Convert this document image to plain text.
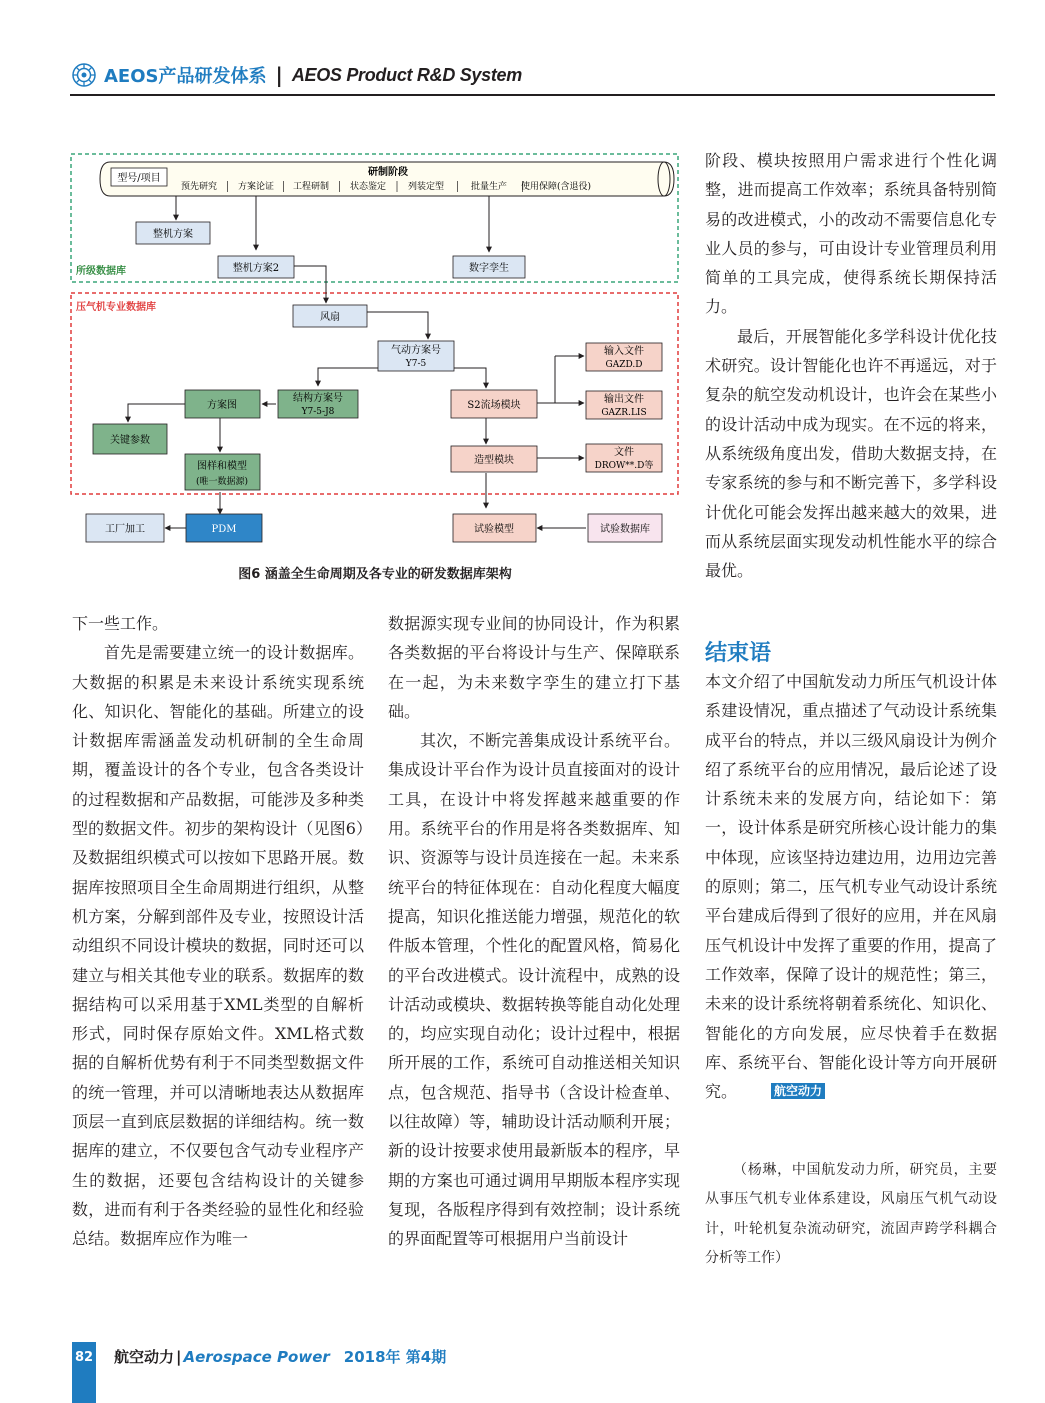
AEOS产品研发体系 | AEOS Product R&D System
所级数据库
压气机专业数据库
型号/项目
研制阶段
预先研究 方案论证 工程研制 状态鉴定 列装定型	批量生产 使用保障(含退役)
整机方案
整机方案2	数字孪生
风扇
气动方案号
Y7-5
输入文件
GAZD.D
输出文件
GAZR.LIS
S2流场模块
结构方案号
Y7-5-J8
方案图
关键参数
文件
DROW**.D等
造型模块
图样和模型
(唯一数据源)
工厂加工	PDM	试验模型	试验数据库
图6 涵盖全生命周期及各专业的研发数据库架构

下一些工作。

首先是需要建立统一的设计数据库。大数据的积累是未来设计系统实现系统化、知识化、智能化的基础。所建立的设计数据库需涵盖发动机研制的全生命周期，覆盖设计的各个专业，包含各类设计的过程数据和产品数据，可能涉及多种类型的数据文件。初步的架构设计（见图6）及数据组织模式可以按如下思路开展。数据库按照项目全生命周期进行组织，从整机方案，分解到部件及专业，按照设计活动组织不同设计模块的数据，同时还可以建立与相关其他专业的联系。数据库的数据结构可以采用基于XML类型的自解析形式，同时保存原始文件。XML格式数据的自解析优势有利于不同类型数据文件的统一管理，并可以清晰地表达从数据库顶层一直到底层数据的详细结构。统一数据库的建立，不仅要包含气动专业程序产生的数据，还要包含结构设计的关键参数，进而有利于各类经验的显性化和经验总结。数据库应作为唯一

数据源实现专业间的协同设计，作为积累各类数据的平台将设计与生产、保障联系在一起，为未来数字孪生的建立打下基础。

其次，不断完善集成设计系统平台。集成设计平台作为设计员直接面对的设计工具，在设计中将发挥越来越重要的作用。系统平台的作用是将各类数据库、知识、资源等与设计员连接在一起。未来系统平台的特征体现在：自动化程度大幅度提高，知识化推送能力增强，规范化的软件版本管理，个性化的配置风格，简易化的平台改进模式。设计流程中，成熟的设计活动或模块、数据转换等能自动化处理的，均应实现自动化；设计过程中，根据所开展的工作，系统可自动推送相关知识点，包含规范、指导书（含设计检查单、以往故障）等，辅助设计活动顺利开展；新的设计按要求使用最新版本的程序，早期的方案也可通过调用早期版本程序实现复现，各版程序得到有效控制；设计系统的界面配置等可根据用户当前设计

阶段、模块按照用户需求进行个性化调整，进而提高工作效率；系统具备特别简易的改进模式，小的改动不需要信息化专业人员的参与，可由设计专业管理员利用简单的工具完成，使得系统长期保持活力。

最后，开展智能化多学科设计优化技术研究。设计智能化也许不再遥远，对于复杂的航空发动机设计，也许会在某些小的设计活动中成为现实。在不远的将来，从系统级角度出发，借助大数据支持，在专家系统的参与和不断完善下，多学科设计优化可能会发挥出越来越大的效果，进而从系统层面实现发动机性能水平的综合最优。

结束语

本文介绍了中国航发动力所压气机设计体系建设情况，重点描述了气动设计系统集成平台的特点，并以三级风扇设计为例介绍了系统平台的应用情况，最后论述了设计系统未来的发展方向，结论如下：第一，设计体系是研究所核心设计能力的集中体现，应该坚持边建边用，边用边完善的原则；第二，压气机专业气动设计系统平台建成后得到了很好的应用，并在风扇压气机设计中发挥了重要的作用，提高了工作效率，保障了设计的规范性；第三，未来的设计系统将朝着系统化、知识化、智能化的方向发展，应尽快着手在数据库、系统平台、智能化设计等方向开展研究。	航空动力

（杨琳，中国航发动力所，研究员，主要从事压气机专业体系建设，风扇压气机气动设计，叶轮机复杂流动研究，流固声跨学科耦合分析等工作）

82 航空动力 | Aerospace Power 2018年 第4期
